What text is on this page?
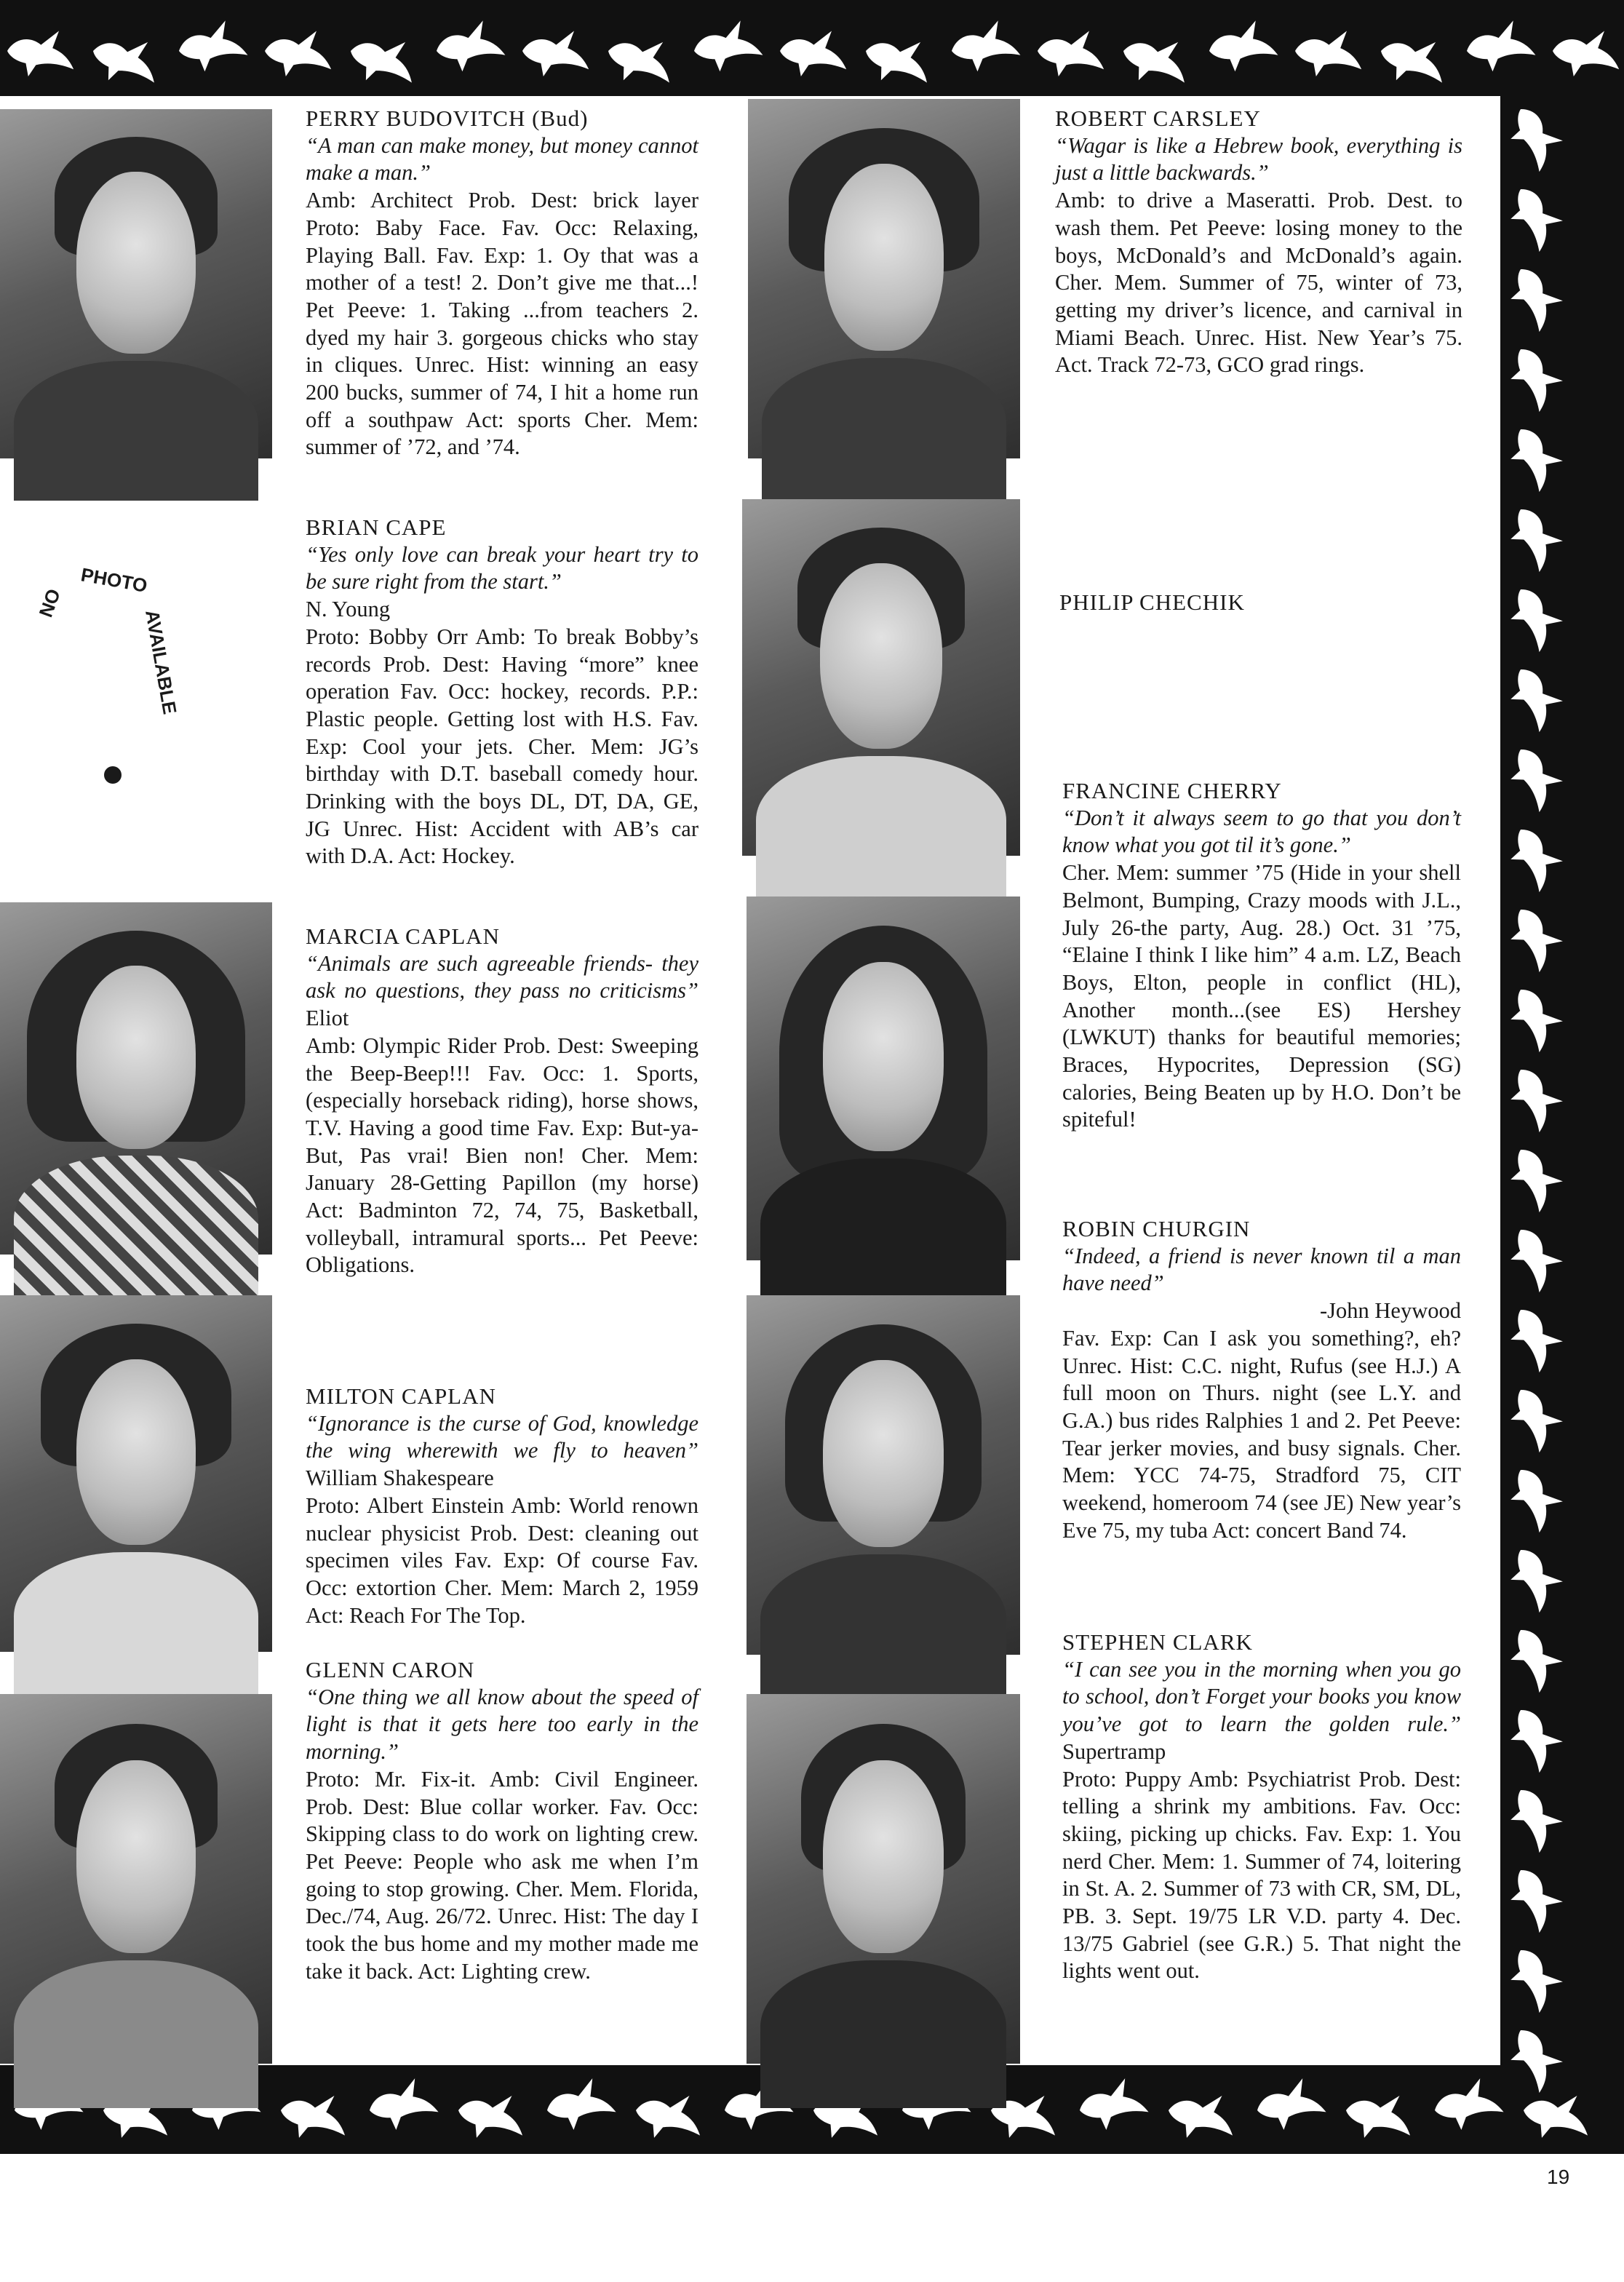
NO
PHOTO
AVAILABLE
PERRY BUDOVITCH (Bud)
“A man can make money, but money cannot make a man.”
Amb: Architect Prob. Dest: brick layer Proto: Baby Face. Fav. Occ: Relaxing, Playing Ball. Fav. Exp: 1. Oy that was a mother of a test! 2. Don’t give me that...! Pet Peeve: 1. Taking ...from teachers 2. dyed my hair 3. gorgeous chicks who stay in cliques. Unrec. Hist: winning an easy 200 bucks, summer of 74, I hit a home run off a southpaw Act: sports Cher. Mem: summer of ’72, and ’74.
BRIAN CAPE
“Yes only love can break your heart try to be sure right from the start.”
N. Young
Proto: Bobby Orr Amb: To break Bobby’s records Prob. Dest: Having “more” knee operation Fav. Occ: hockey, records. P.P.: Plastic people. Getting lost with H.S. Fav. Exp: Cool your jets. Cher. Mem: JG’s birthday with D.T. baseball comedy hour. Drinking with the boys DL, DT, DA, GE, JG Unrec. Hist: Accident with AB’s car with D.A. Act: Hockey.
MARCIA CAPLAN
“Animals are such agreeable friends- they ask no questions, they pass no criticisms” Eliot
Amb: Olympic Rider Prob. Dest: Sweeping the Beep-Beep!!! Fav. Occ: 1. Sports, (especially horseback riding), horse shows, T.V. Having a good time Fav. Exp: But-ya-But, Pas vrai! Bien non! Cher. Mem: January 28-Getting Papillon (my horse) Act: Badminton 72, 74, 75, Basketball, volleyball, intramural sports... Pet Peeve: Obligations.
MILTON CAPLAN
“Ignorance is the curse of God, knowledge the wing wherewith we fly to heaven” William Shakespeare
Proto: Albert Einstein Amb: World renown nuclear physicist Prob. Dest: cleaning out specimen viles Fav. Exp: Of course Fav. Occ: extortion Cher. Mem: March 2, 1959 Act: Reach For The Top.
GLENN CARON
“One thing we all know about the speed of light is that it gets here too early in the morning.”
Proto: Mr. Fix-it. Amb: Civil Engineer. Prob. Dest: Blue collar worker. Fav. Occ: Skipping class to do work on lighting crew. Pet Peeve: People who ask me when I’m going to stop growing. Cher. Mem. Florida, Dec./74, Aug. 26/72. Unrec. Hist: The day I took the bus home and my mother made me take it back. Act: Lighting crew.
ROBERT CARSLEY
“Wagar is like a Hebrew book, everything is just a little backwards.”
Amb: to drive a Maseratti. Prob. Dest. to wash them. Pet Peeve: losing money to the boys, McDonald’s and McDonald’s again. Cher. Mem. Summer of 75, winter of 73, getting my driver’s licence, and carnival in Miami Beach. Unrec. Hist. New Year’s 75. Act. Track 72-73, GCO grad rings.
PHILIP CHECHIK
FRANCINE CHERRY
“Don’t it always seem to go that you don’t know what you got til it’s gone.”
Cher. Mem: summer ’75 (Hide in your shell Belmont, Bumping, Crazy moods with J.L., July 26-the party, Aug. 28.) Oct. 31 ’75, “Elaine I think I like him” 4 a.m. LZ, Beach Boys, Elton, people in conflict (HL), Another month...(see ES) Hershey (LWKUT) thanks for beautiful memories; Braces, Hypocrites, Depression (SG) calories, Being Beaten up by H.O. Don’t be spiteful!
ROBIN CHURGIN
“Indeed, a friend is never known til a man have need”
-John Heywood
Fav. Exp: Can I ask you something?, eh? Unrec. Hist: C.C. night, Rufus (see H.J.) A full moon on Thurs. night (see L.Y. and G.A.) bus rides Ralphies 1 and 2. Pet Peeve: Tear jerker movies, and busy signals. Cher. Mem: YCC 74-75, Stradford 75, CIT weekend, homeroom 74 (see JE) New year’s Eve 75, my tuba Act: concert Band 74.
STEPHEN CLARK
“I can see you in the morning when you go to school, don’t Forget your books you know you’ve got to learn the golden rule.” Supertramp
Proto: Puppy Amb: Psychiatrist Prob. Dest: telling a shrink my ambitions. Fav. Occ: skiing, picking up chicks. Fav. Exp: 1. You nerd Cher. Mem: 1. Summer of 74, loitering in St. A. 2. Summer of 73 with CR, SM, DL, PB. 3. Sept. 19/75 LR V.D. party 4. Dec. 13/75 Gabriel (see G.R.) 5. That night the lights went out.
19
